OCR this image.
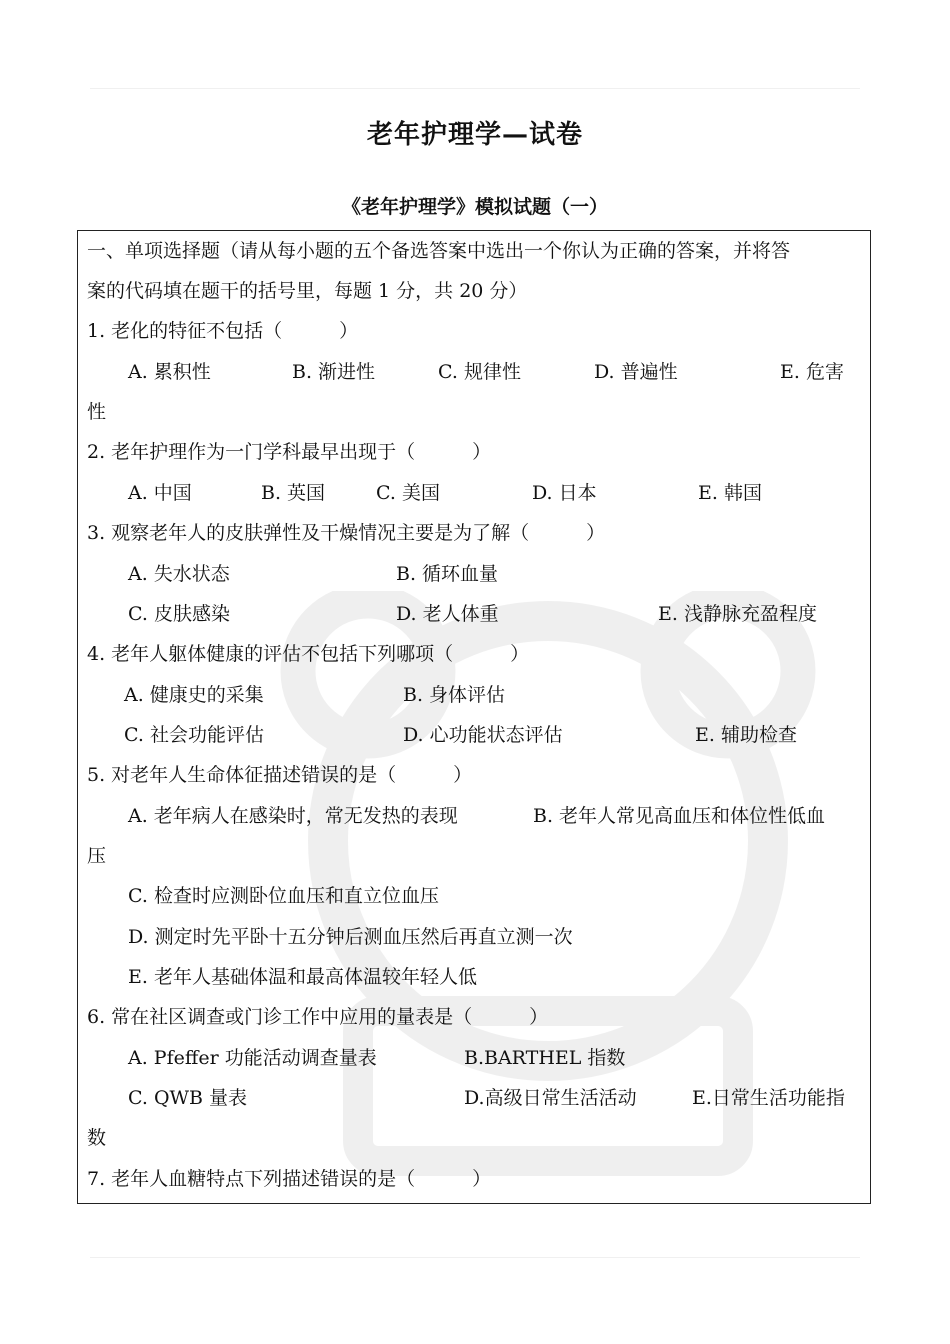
老年护理学—试卷
《老年护理学》模拟试题（一）
一、单项选择题（请从每小题的五个备选答案中选出一个你认为正确的答案，并将答
案的代码填在题干的括号里，每题 1 分，共 20 分）
1. 老化的特征不包括（　　　）
A. 累积性	B. 渐进性	C. 规律性	D. 普遍性	E. 危害
性
2. 老年护理作为一门学科最早出现于（　　　）
A. 中国	B. 英国	C. 美国	D. 日本	E. 韩国
3. 观察老年人的皮肤弹性及干燥情况主要是为了解（　　　）
A. 失水状态	B. 循环血量
C. 皮肤感染	D. 老人体重	E. 浅静脉充盈程度
4. 老年人躯体健康的评估不包括下列哪项（　　　）
A. 健康史的采集	B. 身体评估
C. 社会功能评估	D. 心功能状态评估	E. 辅助检查
5. 对老年人生命体征描述错误的是（　　　）
A. 老年病人在感染时，常无发热的表现	B. 老年人常见高血压和体位性低血
压
C. 检查时应测卧位血压和直立位血压
D. 测定时先平卧十五分钟后测血压然后再直立测一次
E. 老年人基础体温和最高体温较年轻人低
6. 常在社区调查或门诊工作中应用的量表是（　　　）
A. Pfeffer 功能活动调查量表	B.BARTHEL 指数
C. QWB 量表	D.高级日常生活活动	E.日常生活功能指
数
7. 老年人血糖特点下列描述错误的是（　　　）
